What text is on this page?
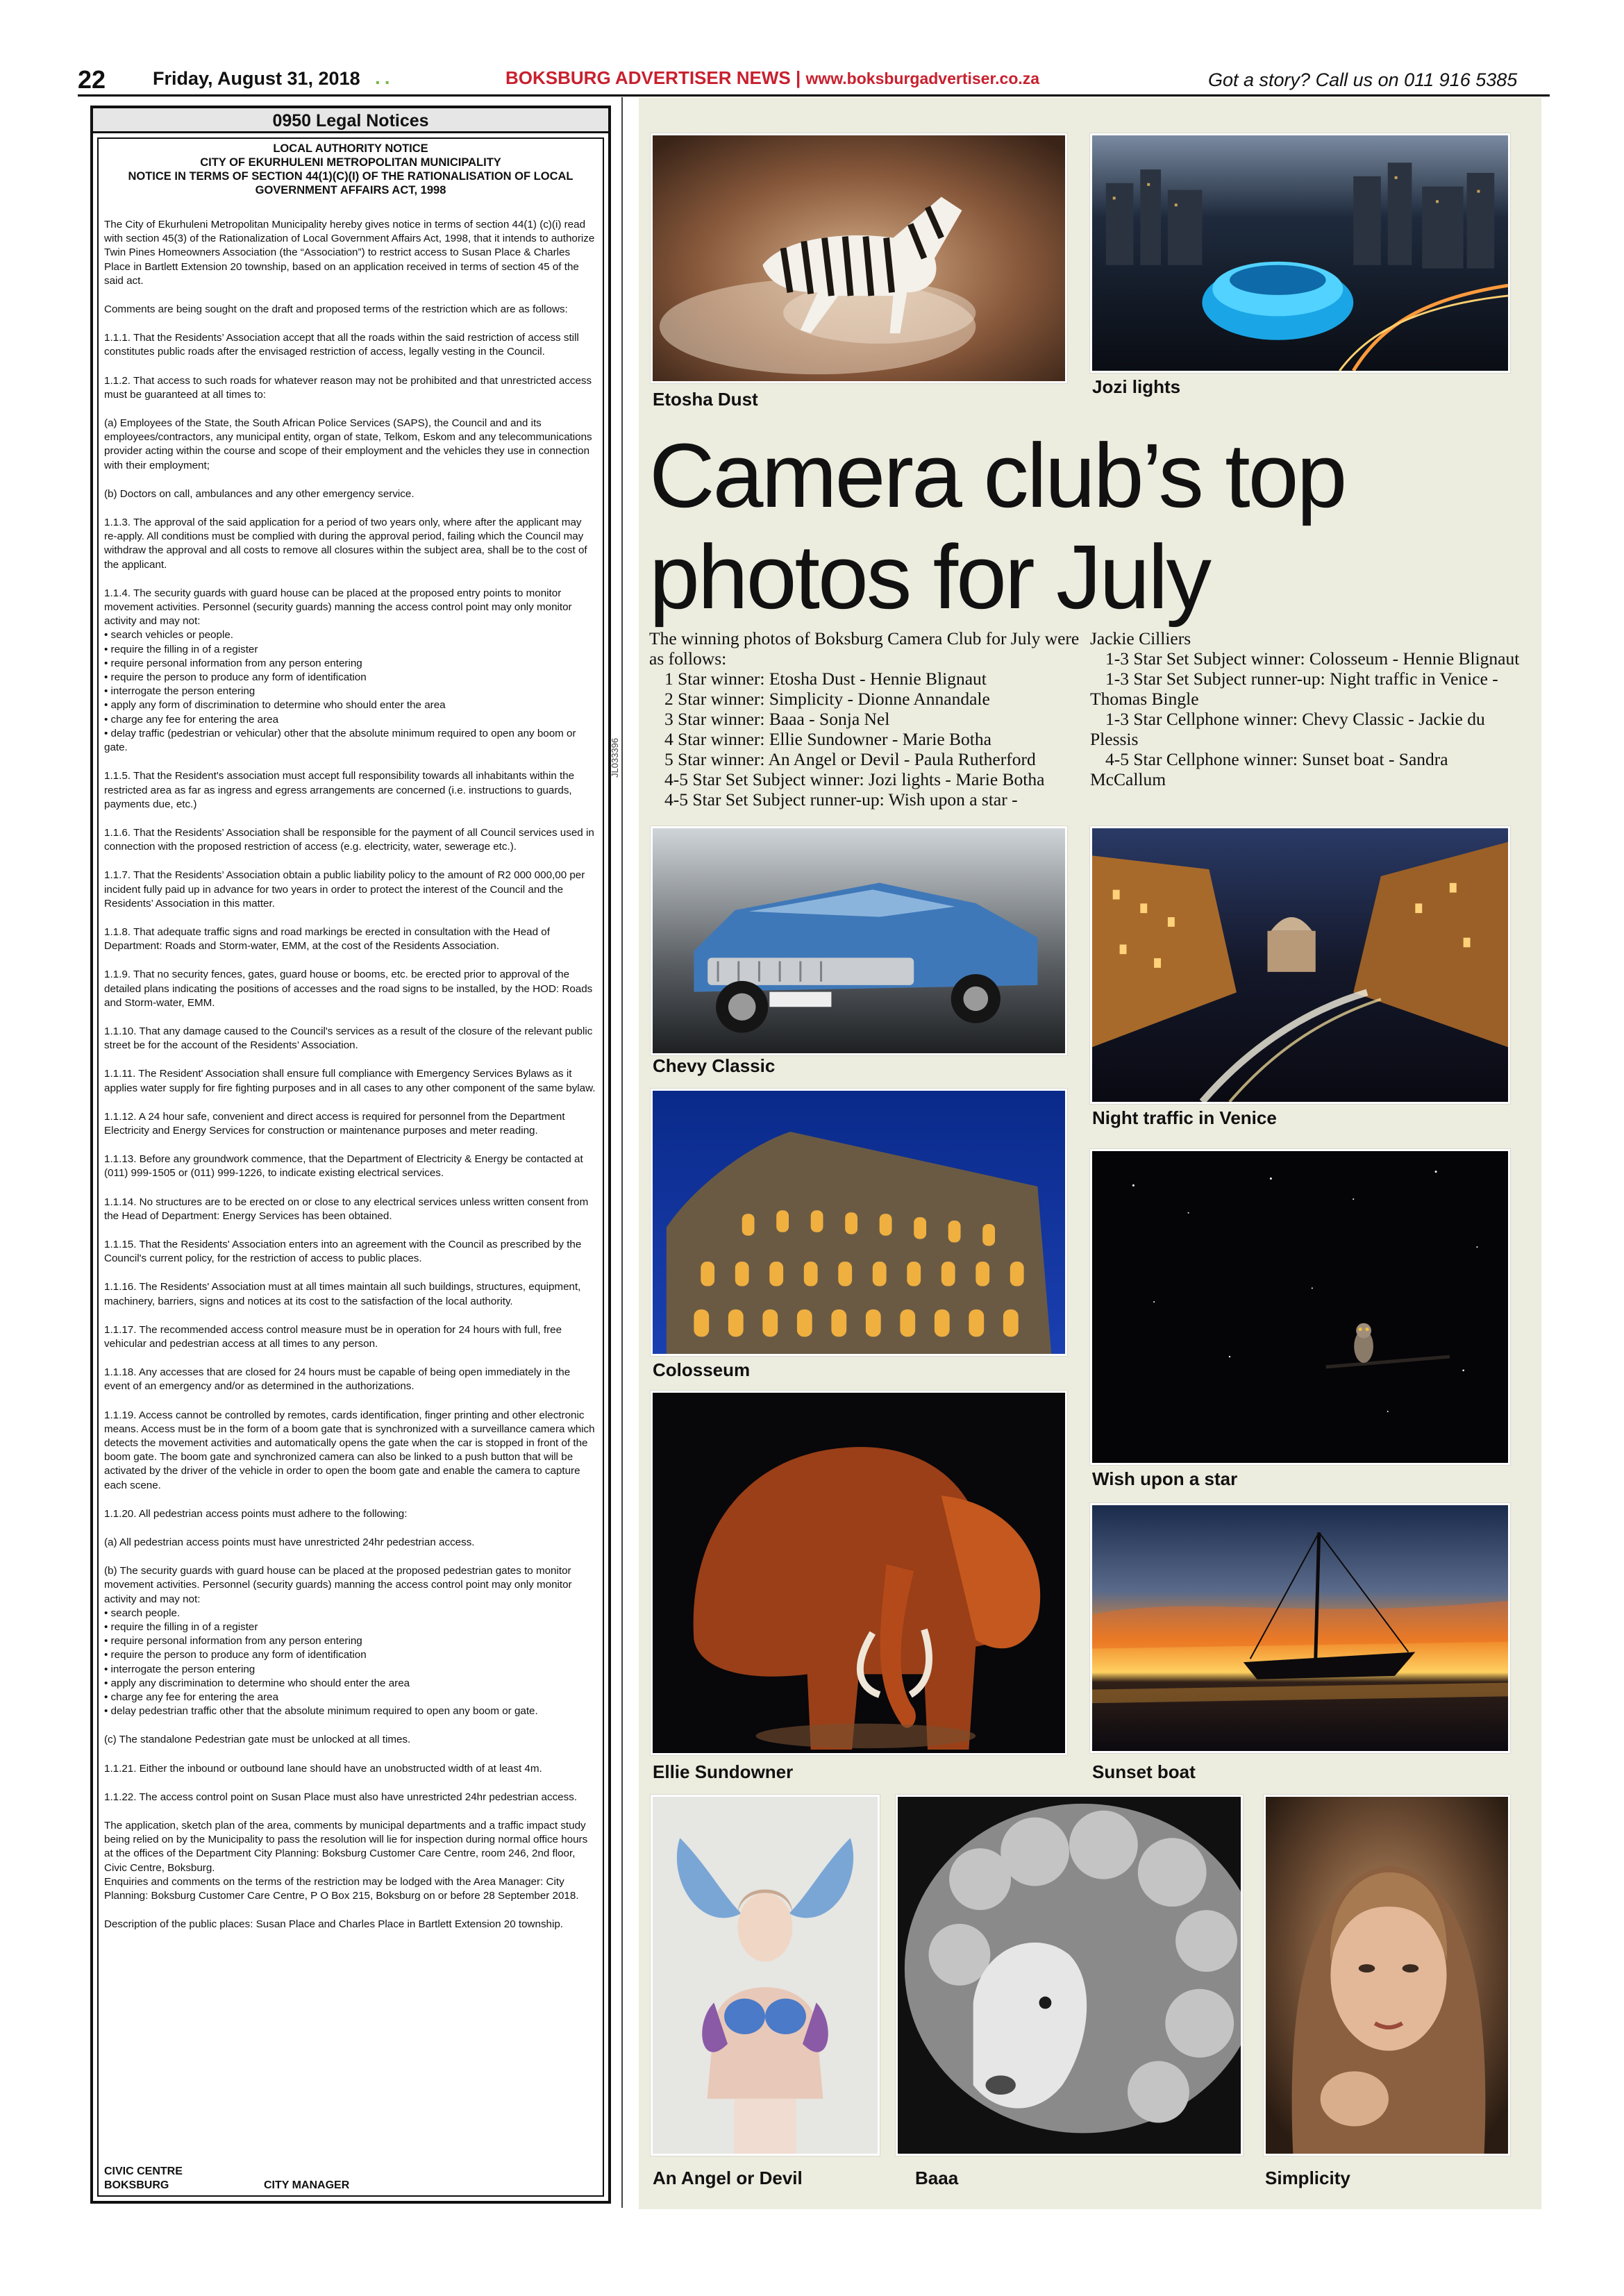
22	Friday, August 31, 2018 ..	BOKSBURG ADVERTISER NEWS | www.boksburgadvertiser.co.za	Got a story? Call us on 011 916 5385
0950 Legal Notices
LOCAL AUTHORITY NOTICE
CITY OF EKURHULENI METROPOLITAN MUNICIPALITY
NOTICE IN TERMS OF SECTION 44(1)(C)(I) OF THE RATIONALISATION OF LOCAL
GOVERNMENT AFFAIRS ACT, 1998

The City of Ekurhuleni Metropolitan Municipality hereby gives notice in terms of section 44(1) (c)(i) read with section 45(3) of the Rationalization of Local Government Affairs Act, 1998, that it intends to authorize Twin Pines Homeowners Association (the “Association”) to restrict access to Susan Place & Charles Place in Bartlett Extension 20 township, based on an application received in terms of section 45 of the said act.

Comments are being sought on the draft and proposed terms of the restriction which are as follows:

1.1.1. That the Residents’ Association accept that all the roads within the said restriction of access still constitutes public roads after the envisaged restriction of access, legally vesting in the Council.

1.1.2. That access to such roads for whatever reason may not be prohibited and that unrestricted access must be guaranteed at all times to:

(a) Employees of the State, the South African Police Services (SAPS), the Council and and its employees/contractors, any municipal entity, organ of state, Telkom, Eskom and any telecommunications provider acting within the course and scope of their employment and the vehicles they use in connection with their employment;

(b) Doctors on call, ambulances and any other emergency service.

1.1.3. The approval of the said application for a period of two years only, where after the applicant may re-apply. All conditions must be complied with during the approval period, failing which the Council may withdraw the approval and all costs to remove all closures within the subject area, shall be to the cost of the applicant.

1.1.4. The security guards with guard house can be placed at the proposed entry points to monitor movement activities. Personnel (security guards) manning the access control point may only monitor activity and may not:
• search vehicles or people.
• require the filling in of a register
• require personal information from any person entering
• require the person to produce any form of identification
• interrogate the person entering
• apply any form of discrimination to determine who should enter the area
• charge any fee for entering the area
• delay traffic (pedestrian or vehicular) other that the absolute minimum required to open any boom or gate.

1.1.5. That the Resident's association must accept full responsibility towards all inhabitants within the restricted area as far as ingress and egress arrangements are concerned (i.e. instructions to guards, payments due, etc.)

1.1.6. That the Residents’ Association shall be responsible for the payment of all Council services used in connection with the proposed restriction of access (e.g. electricity, water, sewerage etc.).

1.1.7. That the Residents’ Association obtain a public liability policy to the amount of R2 000 000,00 per incident fully paid up in advance for two years in order to protect the interest of the Council and the Residents’ Association in this matter.

1.1.8. That adequate traffic signs and road markings be erected in consultation with the Head of Department: Roads and Storm-water, EMM, at the cost of the Residents Association.

1.1.9. That no security fences, gates, guard house or booms, etc. be erected prior to approval of the detailed plans indicating the positions of accesses and the road signs to be installed, by the HOD: Roads and Storm-water, EMM.

1.1.10. That any damage caused to the Council's services as a result of the closure of the relevant public street be for the account of the Residents’ Association.

1.1.11. The Resident' Association shall ensure full compliance with Emergency Services Bylaws as it applies water supply for fire fighting purposes and in all cases to any other component of the same bylaw.

1.1.12. A 24 hour safe, convenient and direct access is required for personnel from the Department Electricity and Energy Services for construction or maintenance purposes and meter reading.

1.1.13. Before any groundwork commence, that the Department of Electricity & Energy be contacted at (011) 999-1505 or (011) 999-1226, to indicate existing electrical services.

1.1.14. No structures are to be erected on or close to any electrical services unless written consent from the Head of Department: Energy Services has been obtained.

1.1.15. That the Residents' Association enters into an agreement with the Council as prescribed by the Council's current policy, for the restriction of access to public places.

1.1.16. The Residents' Association must at all times maintain all such buildings, structures, equipment, machinery, barriers, signs and notices at its cost to the satisfaction of the local authority.

1.1.17. The recommended access control measure must be in operation for 24 hours with full, free vehicular and pedestrian access at all times to any person.

1.1.18. Any accesses that are closed for 24 hours must be capable of being open immediately in the event of an emergency and/or as determined in the authorizations.

1.1.19. Access cannot be controlled by remotes, cards identification, finger printing and other electronic means. Access must be in the form of a boom gate that is synchronized with a surveillance camera which detects the movement activities and automatically opens the gate when the car is stopped in front of the boom gate. The boom gate and synchronized camera can also be linked to a push button that will be activated by the driver of the vehicle in order to open the boom gate and enable the camera to capture each scene.

1.1.20. All pedestrian access points must adhere to the following:

(a) All pedestrian access points must have unrestricted 24hr pedestrian access.

(b) The security guards with guard house can be placed at the proposed pedestrian gates to monitor movement activities. Personnel (security guards) manning the access control point may only monitor activity and may not:
• search people.
• require the filling in of a register
• require personal information from any person entering
• require the person to produce any form of identification
• interrogate the person entering
• apply any discrimination to determine who should enter the area
• charge any fee for entering the area
• delay pedestrian traffic other that the absolute minimum required to open any boom or gate.

(c) The standalone Pedestrian gate must be unlocked at all times.

1.1.21. Either the inbound or outbound lane should have an unobstructed width of at least 4m.

1.1.22. The access control point on Susan Place must also have unrestricted 24hr pedestrian access.

The application, sketch plan of the area, comments by municipal departments and a traffic impact study being relied on by the Municipality to pass the resolution will lie for inspection during normal office hours at the offices of the Department City Planning: Boksburg Customer Care Centre, room 246, 2nd floor, Civic Centre, Boksburg.
Enquiries and comments on the terms of the restriction may be lodged with the Area Manager: City Planning: Boksburg Customer Care Centre, P O Box 215, Boksburg on or before 28 September 2018.

Description of the public places: Susan Place and Charles Place in Bartlett Extension 20 township.

CIVIC CENTRE
BOKSBURG	CITY MANAGER
JL033396
Etosha Dust
Jozi lights
Camera club’s top
photos for July

The winning photos of Boksburg Camera Club for July were as follows:

1 Star winner: Etosha Dust - Hennie Blignaut

2 Star winner: Simplicity - Dionne Annandale

3 Star winner: Baaa - Sonja Nel

4 Star winner: Ellie Sundowner - Marie Botha

5 Star winner: An Angel or Devil - Paula Rutherford

4-5 Star Set Subject winner: Jozi lights - Marie Botha

4-5 Star Set Subject runner-up: Wish upon a star -

Jackie Cilliers

1-3 Star Set Subject winner: Colosseum - Hennie Blignaut

1-3 Star Set Subject runner-up: Night traffic in Venice - Thomas Bingle

1-3 Star Cellphone winner: Chevy Classic - Jackie du Plessis

4-5 Star Cellphone winner: Sunset boat - Sandra McCallum

Chevy Classic
Night traffic in Venice
Colosseum
Wish upon a star
Ellie Sundowner	Sunset boat
An Angel or Devil	Baaa	Simplicity
